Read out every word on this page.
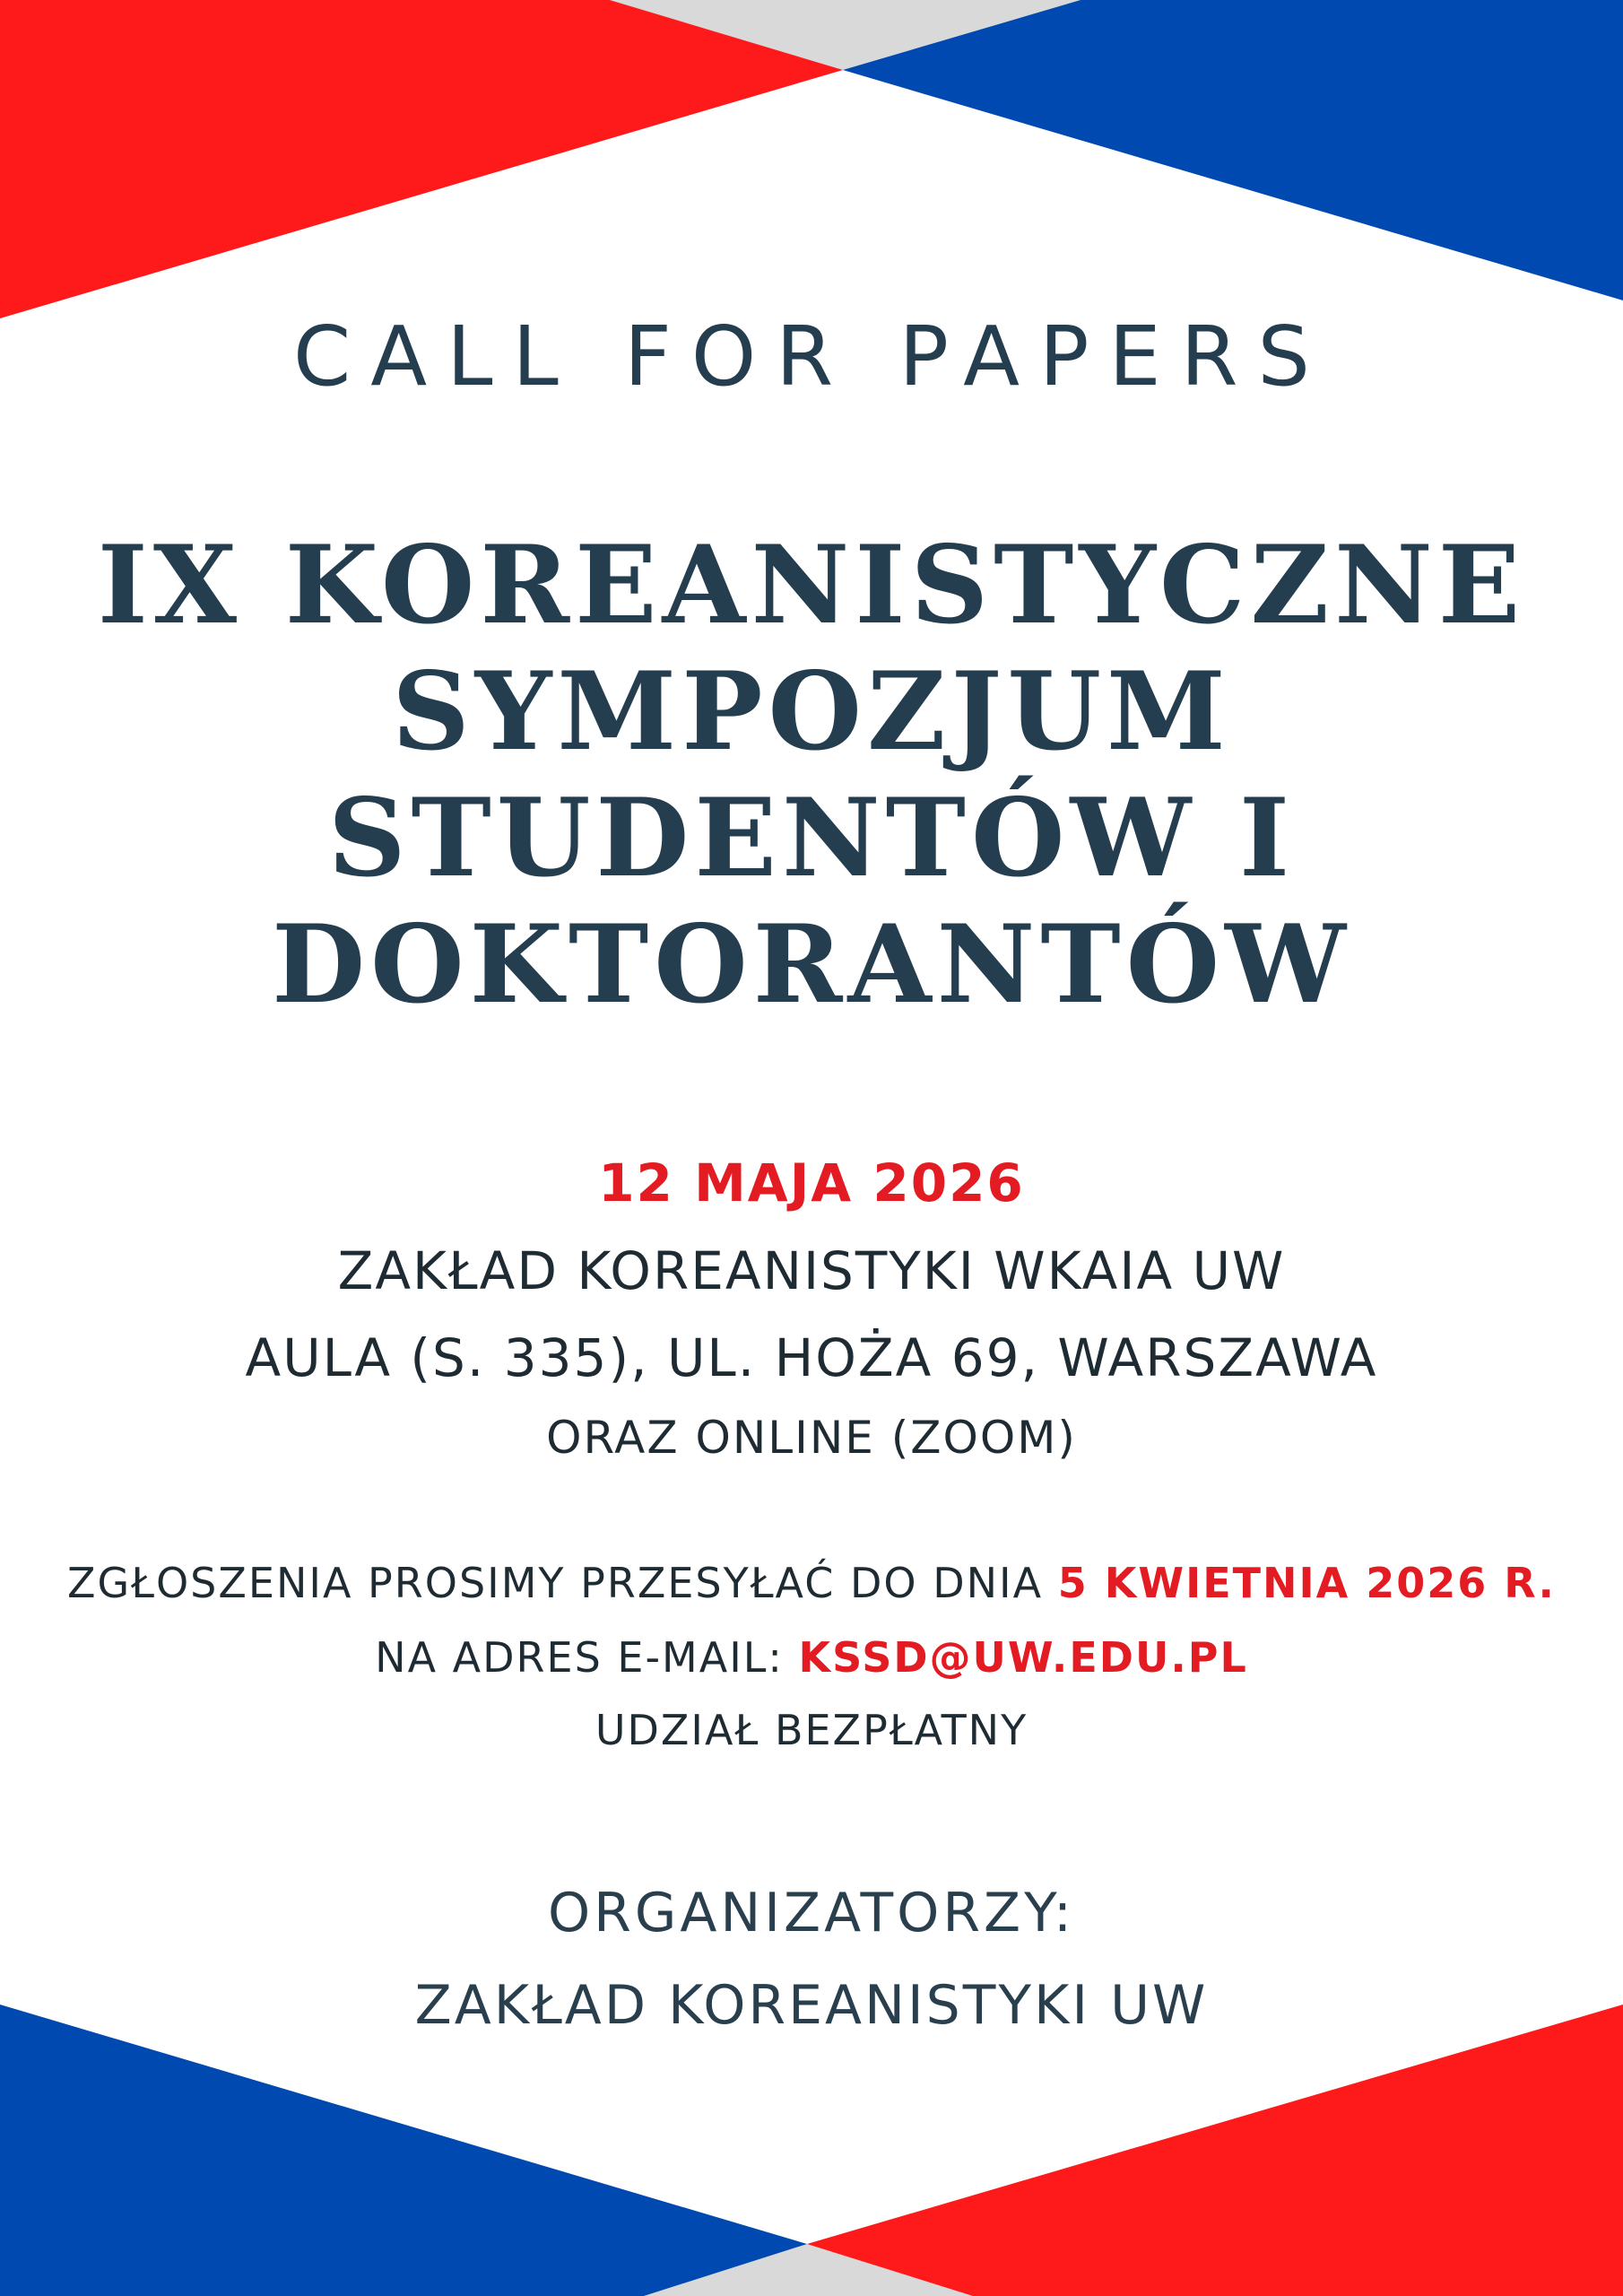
CALL FOR PAPERS
IX KOREANISTYCZNE
SYMPOZJUM
STUDENTÓW I
DOKTORANTÓW
12 MAJA 2026
ZAKŁAD KOREANISTYKI WKAIA UW
AULA (S. 335), UL. HOŻA 69, WARSZAWA
ORAZ ONLINE (ZOOM)
ZGŁOSZENIA PROSIMY PRZESYŁAĆ DO DNIA 5 KWIETNIA 2026 R.
NA ADRES E-MAIL: KSSD@UW.EDU.PL
UDZIAŁ BEZPŁATNY
ORGANIZATORZY:
ZAKŁAD KOREANISTYKI UW
